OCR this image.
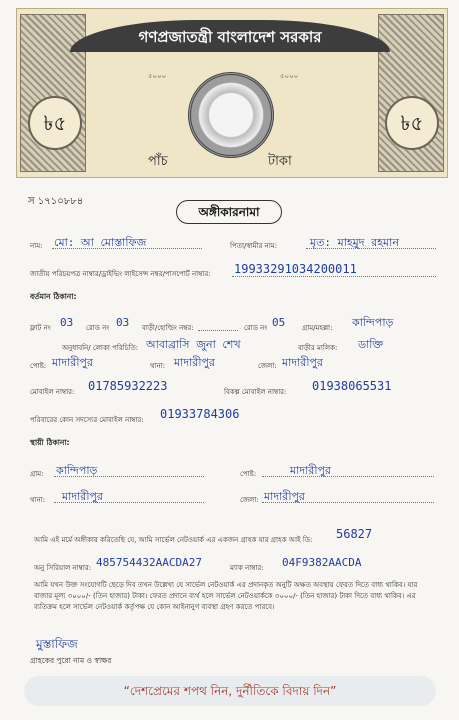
গণপ্রজাতন্ত্রী বাংলাদেশ সরকার
৫০০০	৫০০০
৳৫	৳৫
পাঁচ	টাকা
স ১৭১০৮৮৪
অঙ্গীকারনামা
নাম: মো: আ মোস্তাফিজ	পিতা/স্বামীর নাম:	মৃত: মাহমুদ রহমান
জাতীয় পরিচয়পত্র নাম্বার/ড্রাইভিং লাইসেন্স নম্বর/পাসপোর্ট নাম্বার: 19933291034200011
বর্তমান ঠিকানা:
ফ্লাট নং 03 রোড নং 03 বাড়ী/হোল্ডিং নম্বর:	রোড নং 05 গ্রাম/মহল্লা: কান্দিপাড়
অনুধাবনি/ লোকা পরিচিতি: আবাব্রাসি জুনা শেখ	বাড়ীর মালিক: ডাক্তি
পোষ্ট: মাদারীপুর	থানা: মাদারীপুর	জেলা: মাদারীপুর
মোবাইল নাম্বার: 01785932223	বিকল্প মোবাইল নাম্বার: 01938065531
পরিবারের কোন সদস্যের মোবাইল নাম্বার: 01933784306
স্থায়ী ঠিকানা:
গ্রাম: কান্দিপাড়	পোষ্ট:	মাদারীপুর
থানা: মাদারীপুর	জেলা: মাদারীপুর
আমি এই মর্মে অঙ্গীকার করিতেছি যে, আমি সার্ভেল নেটওয়ার্ক এর একজন গ্রাহক যার গ্রাহক আই ডি: 56827
অনু সিরিয়াল নাম্বার: 485754432AACDA27	ম্যাক নাম্বার: 04F9382AACDA
আমি যখন উক্ত সংযোগটি ছেড়ে দিব তখন উল্লেখ্য যে সার্ভেল নেটওয়ার্ক এর প্রদানকৃত অনুটি অক্ষত অবস্থায় ফেরত দিতে বাধ্য থাকিব। যার বাজার মূল্য ৩০০০/- (তিন হাজার) টাকা। ফেরত প্রদানে ব্যর্থ হলে সার্ভেল নেটওয়ার্ককে ৩০০০/- (তিন হাজার) টাকা দিতে বাধ্য থাকিব। এর ব্যতিক্রম হলে সার্ভেল নেটওয়ার্ক কর্তৃপক্ষ যে কোন আইনানুগ ব্যবস্থা গ্রহণ করতে পারবে।
মুস্তাফিজ
গ্রাহকের পুরো নাম ও স্বাক্ষর
“দেশপ্রেমের শপথ নিন, দুর্নীতিকে বিদায় দিন”
